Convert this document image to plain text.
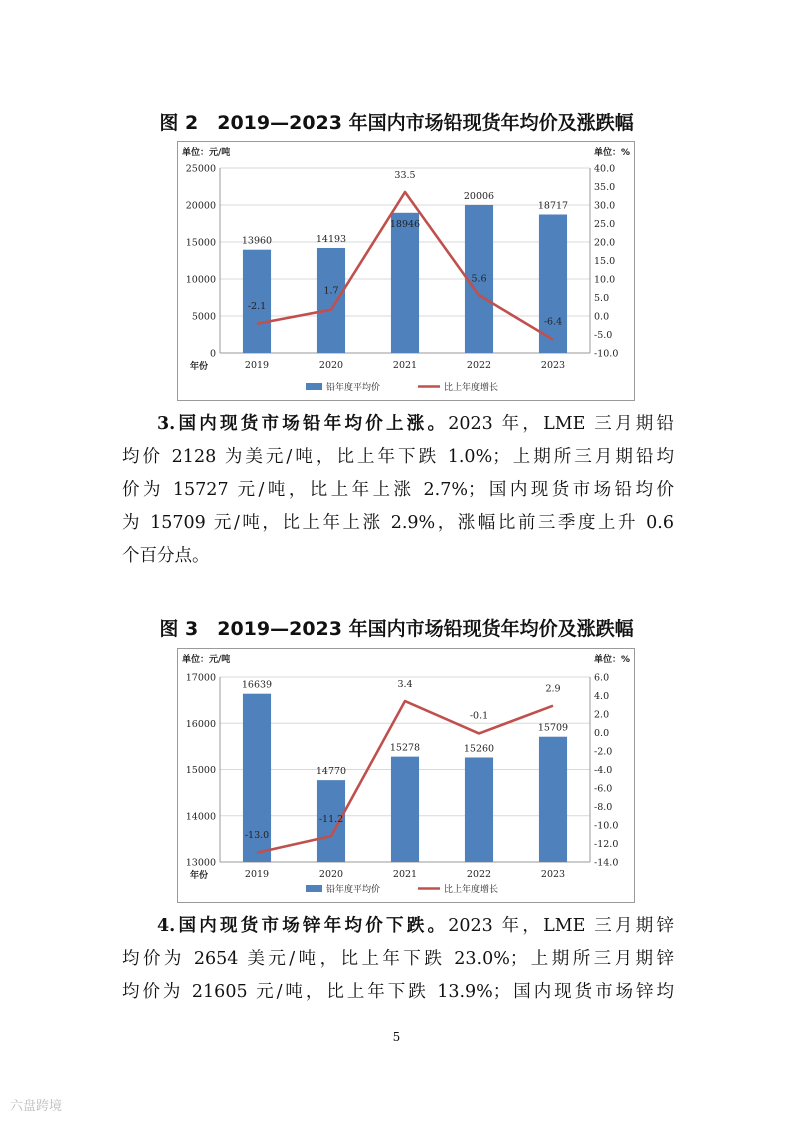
图 2　2019—2023 年国内市场铅现货年均价及涨跌幅
25000
20000
15000
10000
5000
0
40.0
35.0
30.0
25.0
20.0
15.0
10.0
5.0
0.0
-5.0
-10.0
单位：元/吨	单位：%
13960	14193
18946
20006
18717
2019	2020	2021	2022	2023
年份
-2.1
1.7
33.5
5.6
-6.4
铅年度平均价	比上年度增长
3.国内现货市场铅年均价上涨。2023 年，LME 三月期铅
均价 2128 为美元/吨，比上年下跌 1.0%；上期所三月期铅均
价为 15727 元/吨，比上年上涨 2.7%；国内现货市场铅均价
为 15709 元/吨，比上年上涨 2.9%，涨幅比前三季度上升 0.6
个百分点。
图 3　2019—2023 年国内市场铅现货年均价及涨跌幅
17000
16000
15000
14000
13000
6.0
4.0
2.0
0.0
-2.0
-4.0
-6.0
-8.0
-10.0
-12.0
-14.0
单位：元/吨	单位：%
16639
14770
15278	15260
15709
2019	2020	2021	2022	2023
年份
-13.0
-11.2
3.4
-0.1
2.9
铅年度平均价	比上年度增长
4.国内现货市场锌年均价下跌。2023 年，LME 三月期锌
均价为 2654 美元/吨，比上年下跌 23.0%；上期所三月期锌
均价为 21605 元/吨，比上年下跌 13.9%；国内现货市场锌均
5
六盘跨境
